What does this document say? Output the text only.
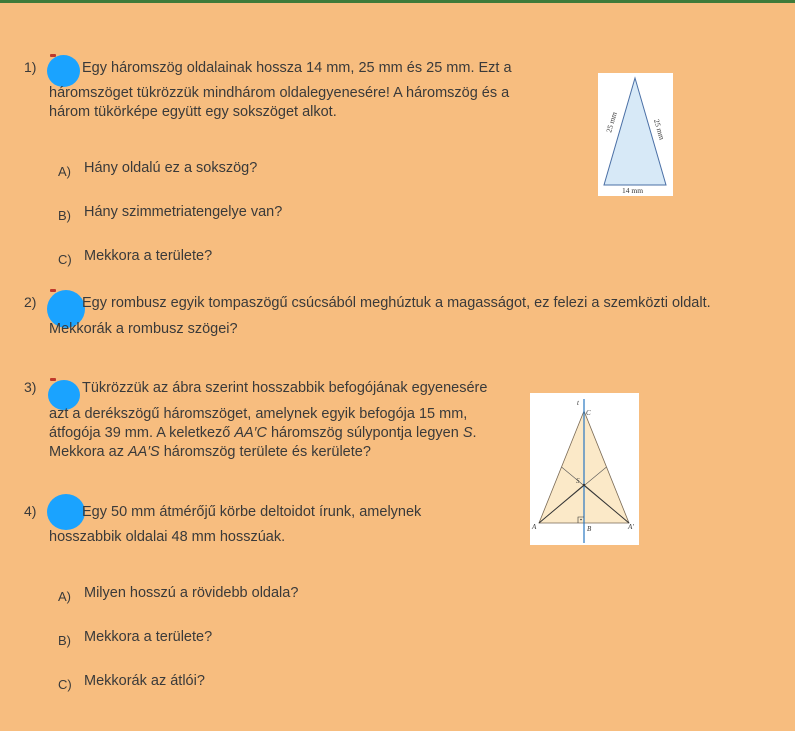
1)	Egy háromszög oldalainak hossza 14 mm, 25 mm és 25 mm. Ezt a
háromszöget tükrözzük mindhárom oldalegyenesére! A háromszög és a
három tükörképe együtt egy sokszöget alkot.
A) Hány oldalú ez a sokszög?
B) Hány szimmetriatengelye van?
C) Mekkora a területe?
25 mm	25 mm
14 mm
2)	Egy rombusz egyik tompaszögű csúcsából meghúztuk a magasságot, ez felezi a szemközti oldalt.
Mekkorák a rombusz szögei?
3)	Tükrözzük az ábra szerint hosszabbik befogójának egyenesére
azt a derékszögű háromszöget, amelynek egyik befogója 15 mm,
átfogója 39 mm. A keletkező AA′C háromszög súlypontja legyen S.
Mekkora az AA′S háromszög területe és kerülete?
t
C
S
A	B	A′
4)	Egy 50 mm átmérőjű körbe deltoidot írunk, amelynek
hosszabbik oldalai 48 mm hosszúak.
A) Milyen hosszú a rövidebb oldala?
B) Mekkora a területe?
C) Mekkorák az átlói?
